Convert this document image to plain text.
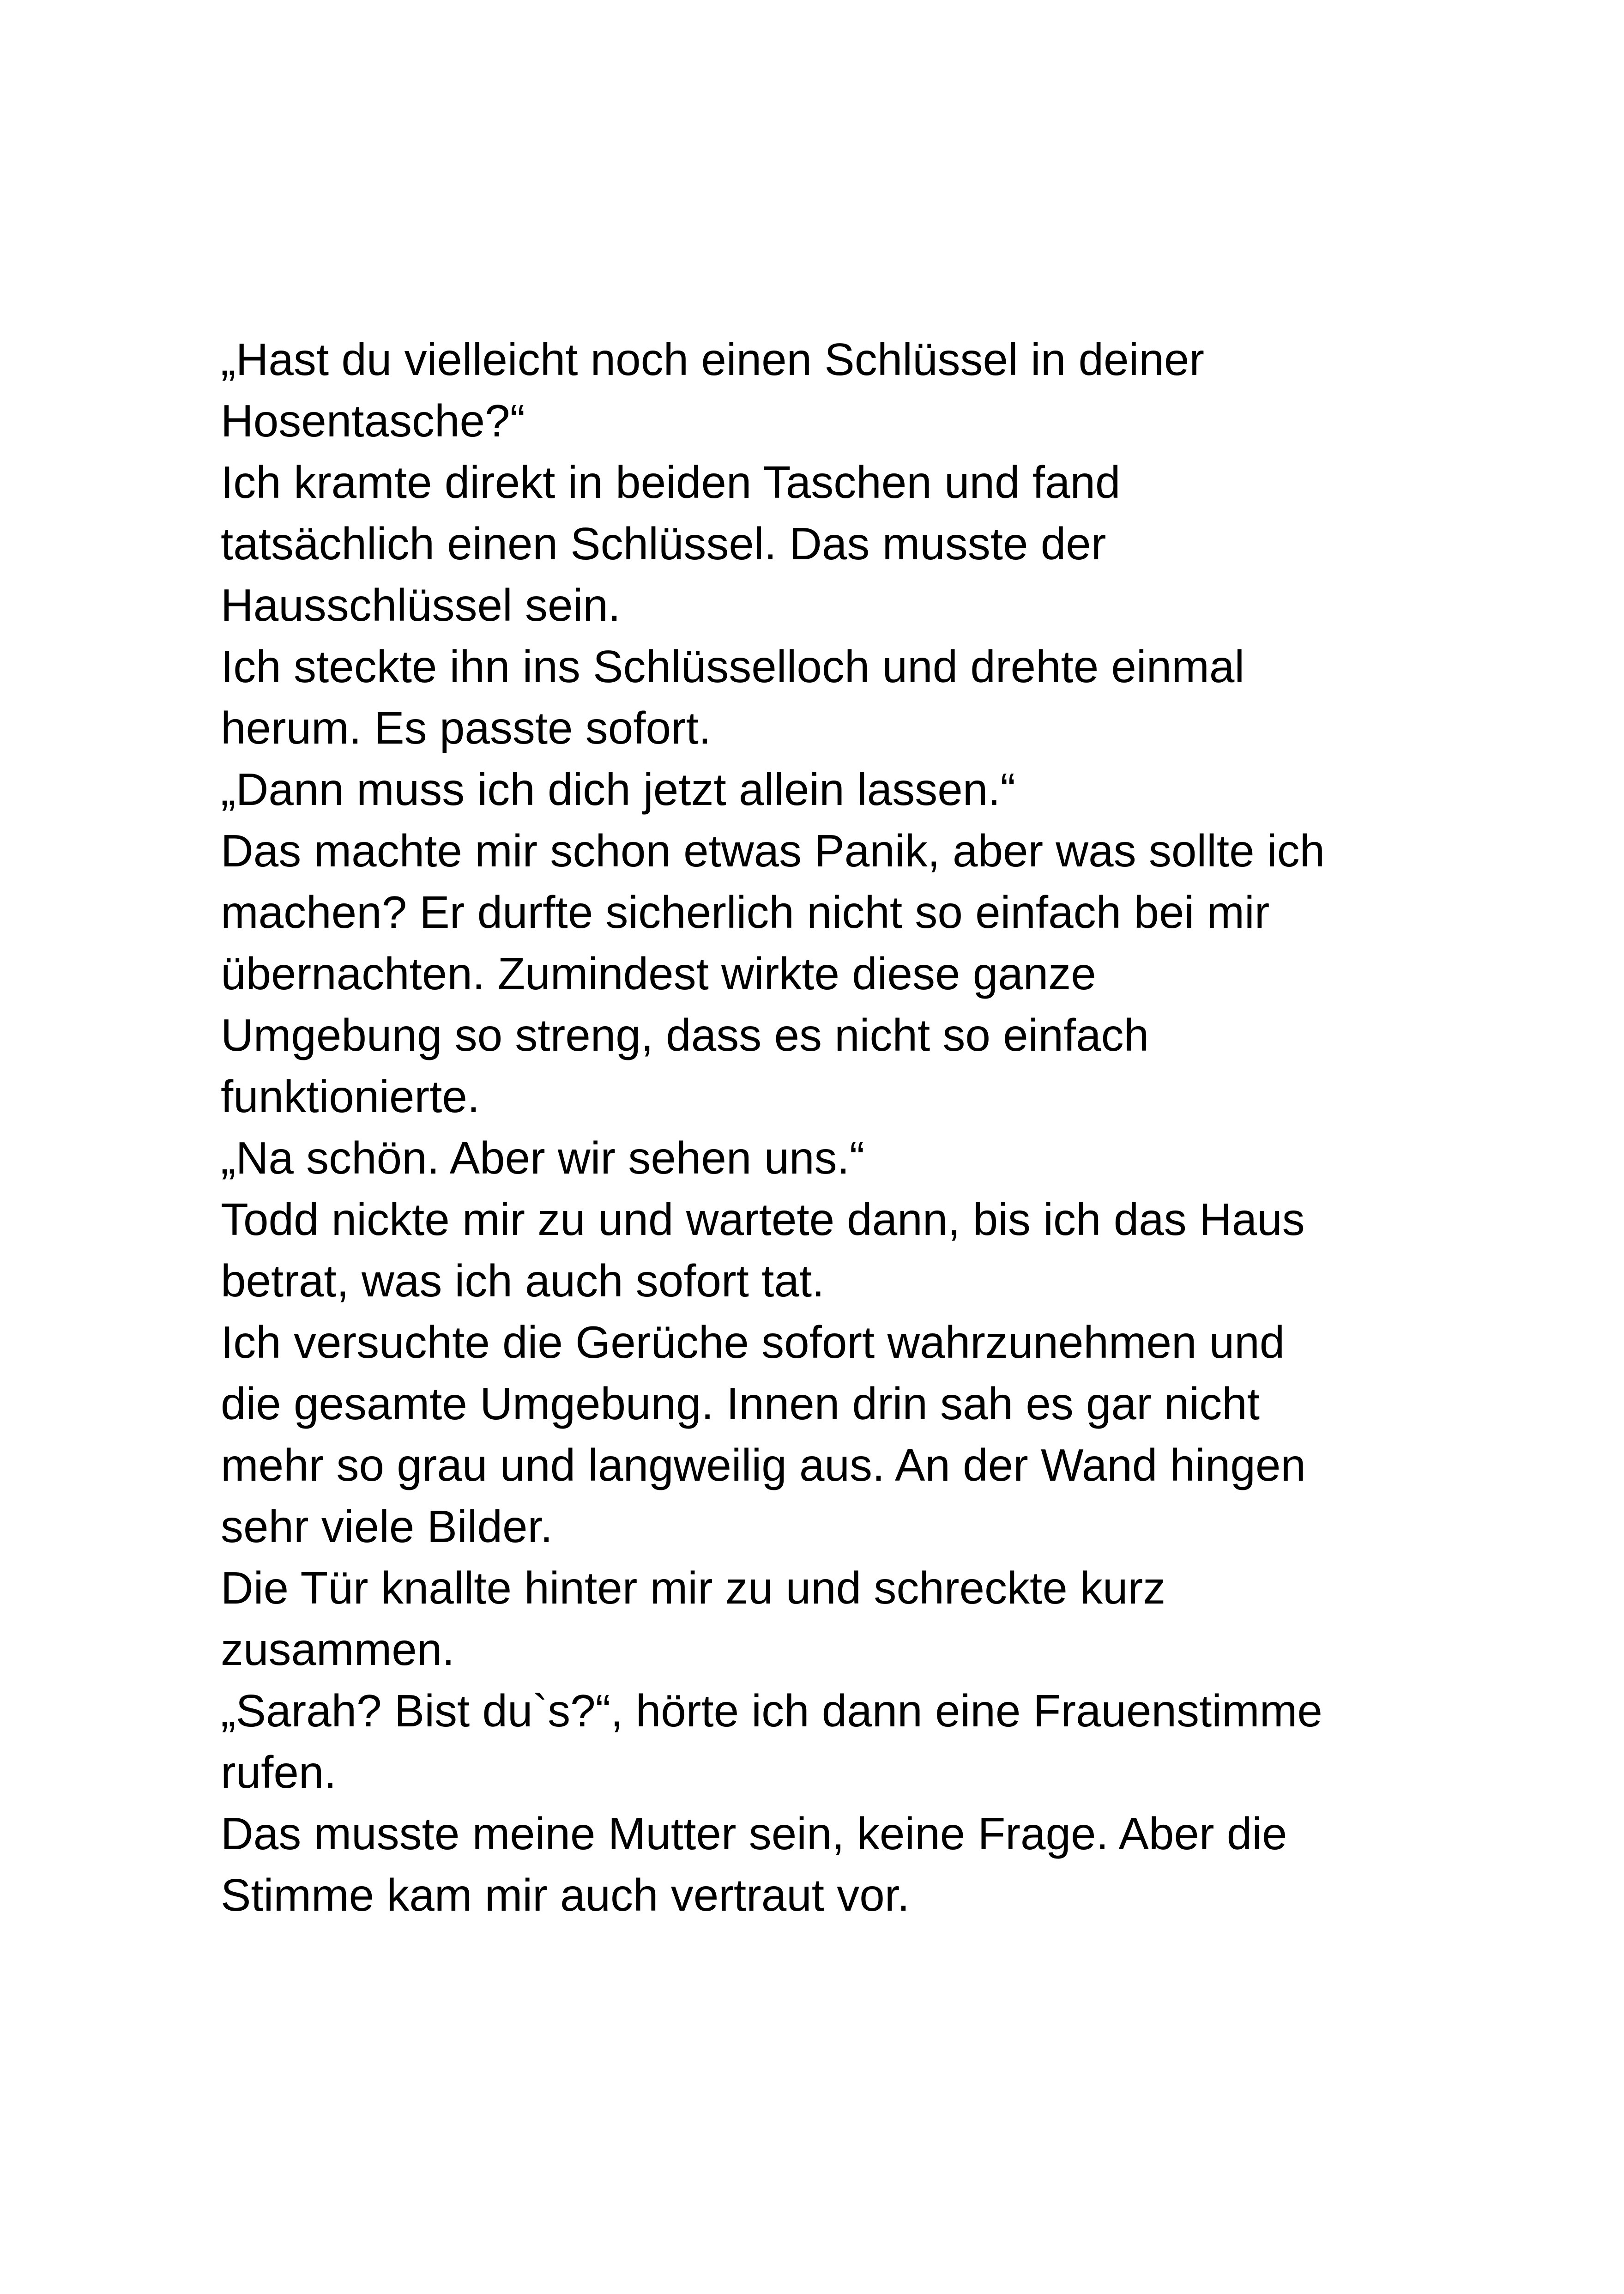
„Hast du vielleicht noch einen Schlüssel in deiner
Hosentasche?“
Ich kramte direkt in beiden Taschen und fand
tatsächlich einen Schlüssel. Das musste der
Hausschlüssel sein.
Ich steckte ihn ins Schlüsselloch und drehte einmal
herum. Es passte sofort.
„Dann muss ich dich jetzt allein lassen.“
Das machte mir schon etwas Panik, aber was sollte ich
machen? Er durfte sicherlich nicht so einfach bei mir
übernachten. Zumindest wirkte diese ganze
Umgebung so streng, dass es nicht so einfach
funktionierte.
„Na schön. Aber wir sehen uns.“
Todd nickte mir zu und wartete dann, bis ich das Haus
betrat, was ich auch sofort tat.
Ich versuchte die Gerüche sofort wahrzunehmen und
die gesamte Umgebung. Innen drin sah es gar nicht
mehr so grau und langweilig aus. An der Wand hingen
sehr viele Bilder.
Die Tür knallte hinter mir zu und schreckte kurz
zusammen.
„Sarah? Bist du`s?“, hörte ich dann eine Frauenstimme
rufen.
Das musste meine Mutter sein, keine Frage. Aber die
Stimme kam mir auch vertraut vor.
